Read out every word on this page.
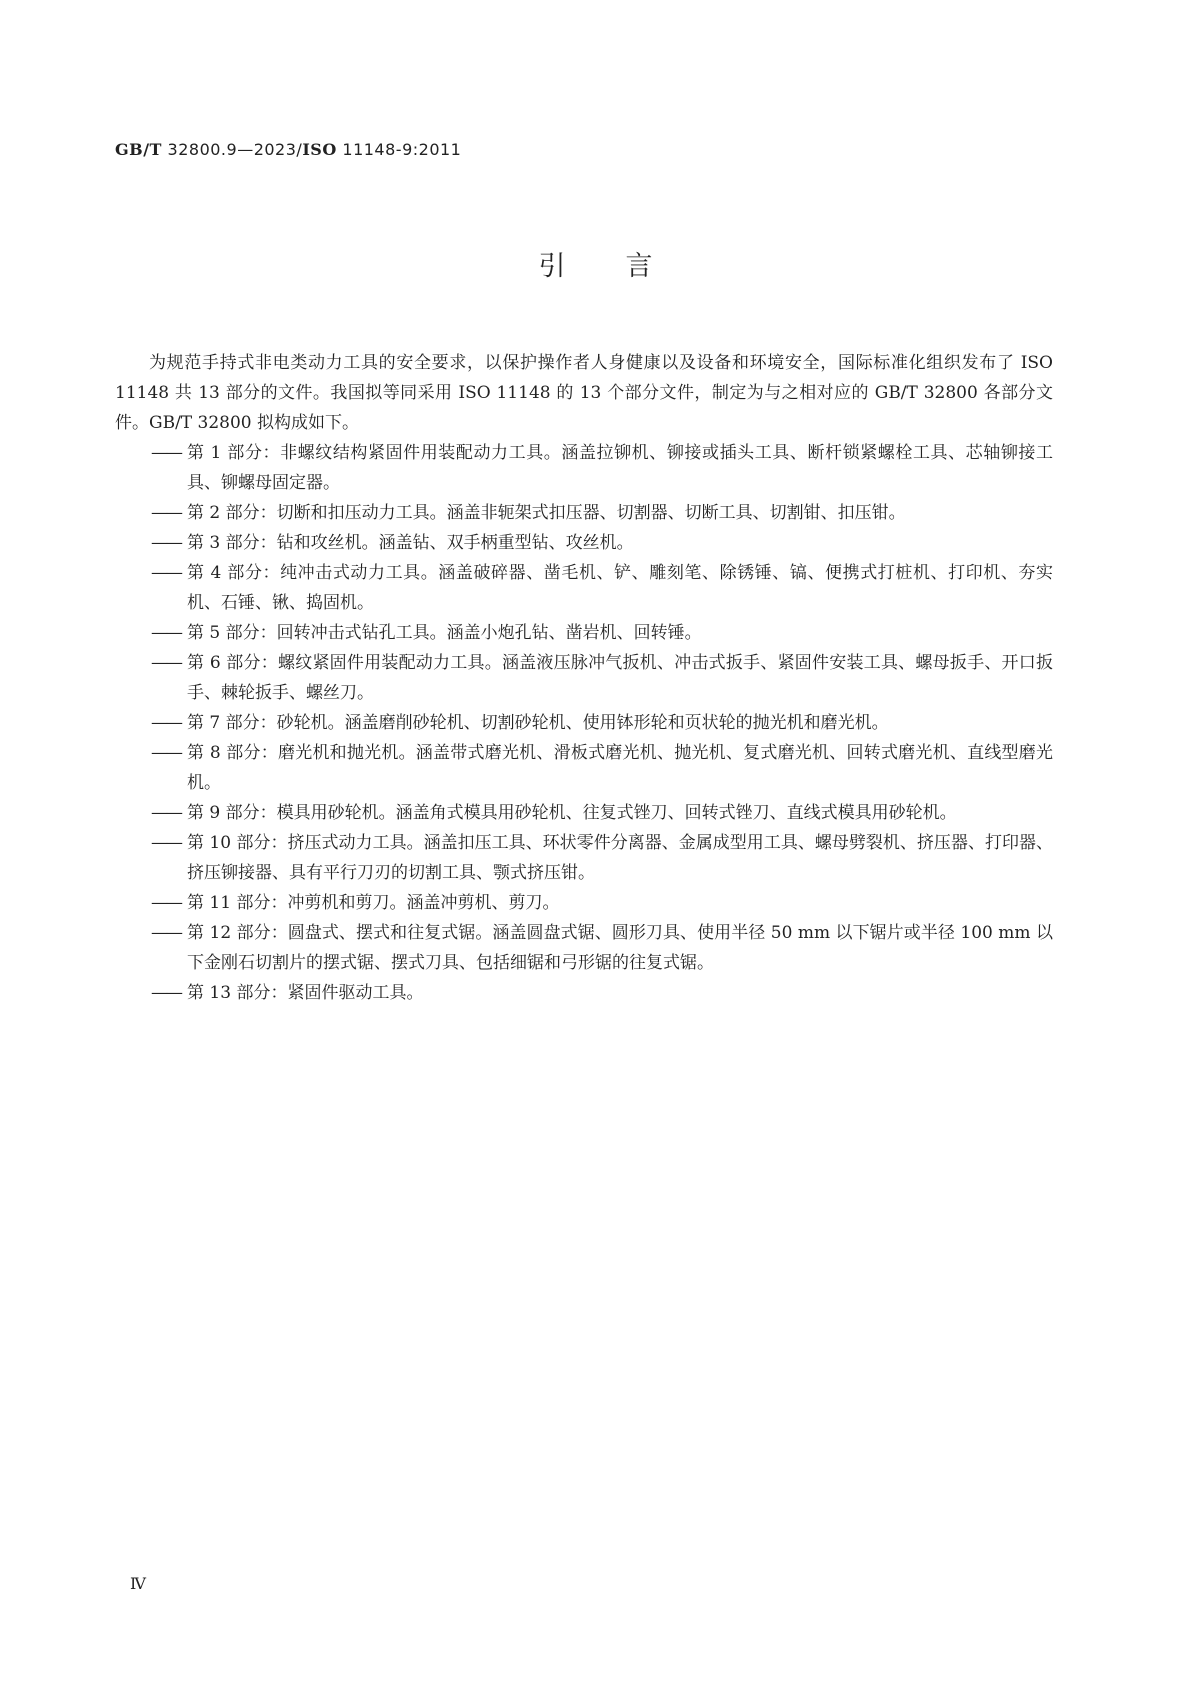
GB/T 32800.9—2023/ISO 11148-9:2011
引言

为规范手持式非电类动力工具的安全要求，以保护操作者人身健康以及设备和环境安全，国际标准化组织发布了 ISO 11148 共 13 部分的文件。我国拟等同采用 ISO 11148 的 13 个部分文件，制定为与之相对应的 GB/T 32800 各部分文件。GB/T 32800 拟构成如下。

—— 第 1 部分：非螺纹结构紧固件用装配动力工具。涵盖拉铆机、铆接或插头工具、断杆锁紧螺栓工具、芯轴铆接工具、铆螺母固定器。
—— 第 2 部分：切断和扣压动力工具。涵盖非轭架式扣压器、切割器、切断工具、切割钳、扣压钳。
—— 第 3 部分：钻和攻丝机。涵盖钻、双手柄重型钻、攻丝机。
—— 第 4 部分：纯冲击式动力工具。涵盖破碎器、凿毛机、铲、雕刻笔、除锈锤、镐、便携式打桩机、打印机、夯实机、石锤、锹、捣固机。
—— 第 5 部分：回转冲击式钻孔工具。涵盖小炮孔钻、凿岩机、回转锤。
—— 第 6 部分：螺纹紧固件用装配动力工具。涵盖液压脉冲气扳机、冲击式扳手、紧固件安装工具、螺母扳手、开口扳手、棘轮扳手、螺丝刀。
—— 第 7 部分：砂轮机。涵盖磨削砂轮机、切割砂轮机、使用钵形轮和页状轮的抛光机和磨光机。
—— 第 8 部分：磨光机和抛光机。涵盖带式磨光机、滑板式磨光机、抛光机、复式磨光机、回转式磨光机、直线型磨光机。
—— 第 9 部分：模具用砂轮机。涵盖角式模具用砂轮机、往复式锉刀、回转式锉刀、直线式模具用砂轮机。
—— 第 10 部分：挤压式动力工具。涵盖扣压工具、环状零件分离器、金属成型用工具、螺母劈裂机、挤压器、打印器、挤压铆接器、具有平行刀刃的切割工具、颚式挤压钳。
—— 第 11 部分：冲剪机和剪刀。涵盖冲剪机、剪刀。
—— 第 12 部分：圆盘式、摆式和往复式锯。涵盖圆盘式锯、圆形刀具、使用半径 50 mm 以下锯片或半径 100 mm 以下金刚石切割片的摆式锯、摆式刀具、包括细锯和弓形锯的往复式锯。
—— 第 13 部分：紧固件驱动工具。
Ⅳ
